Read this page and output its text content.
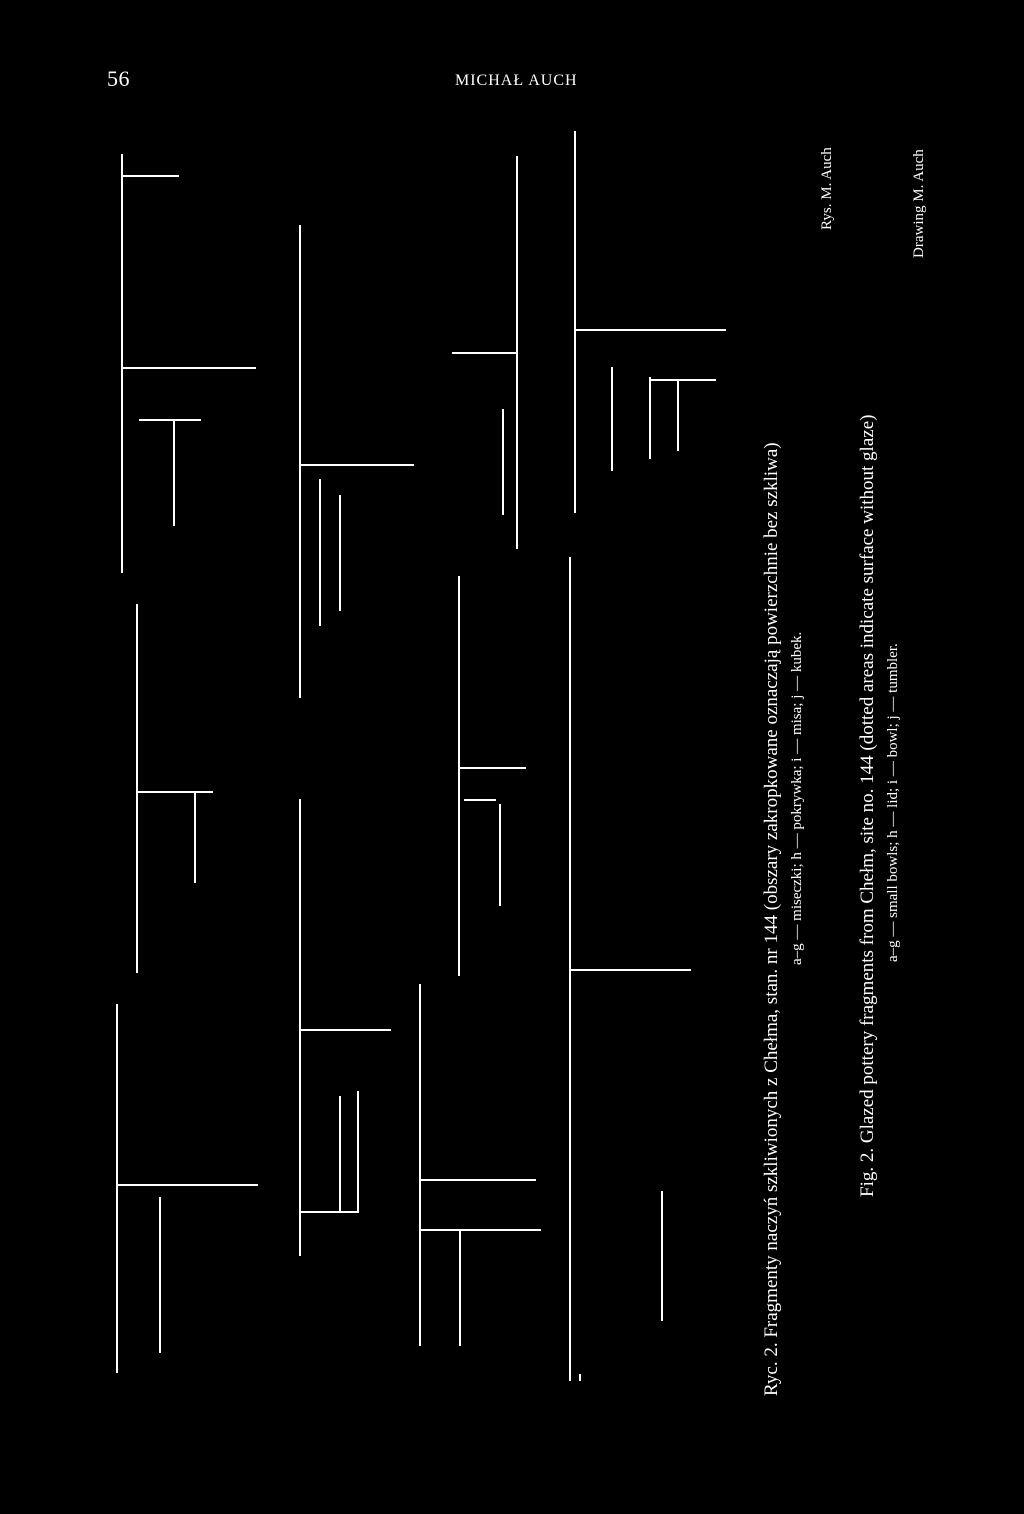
56	MICHAŁ AUCH
Ryc. 2. Fragmenty naczyń szkliwionych z Chełma, stan. nr 144 (obszary zakropkowane oznaczają powierzchnie bez szkliwa) a–g — miseczki; h — pokrywka; i — misa; j — kubek.
Rys. M. Auch
Fig. 2. Glazed pottery fragments from Chełm, site no. 144 (dotted areas indicate surface without glaze) a–g — small bowls; h — lid; i — bowl; j — tumbler.
Drawing M. Auch
